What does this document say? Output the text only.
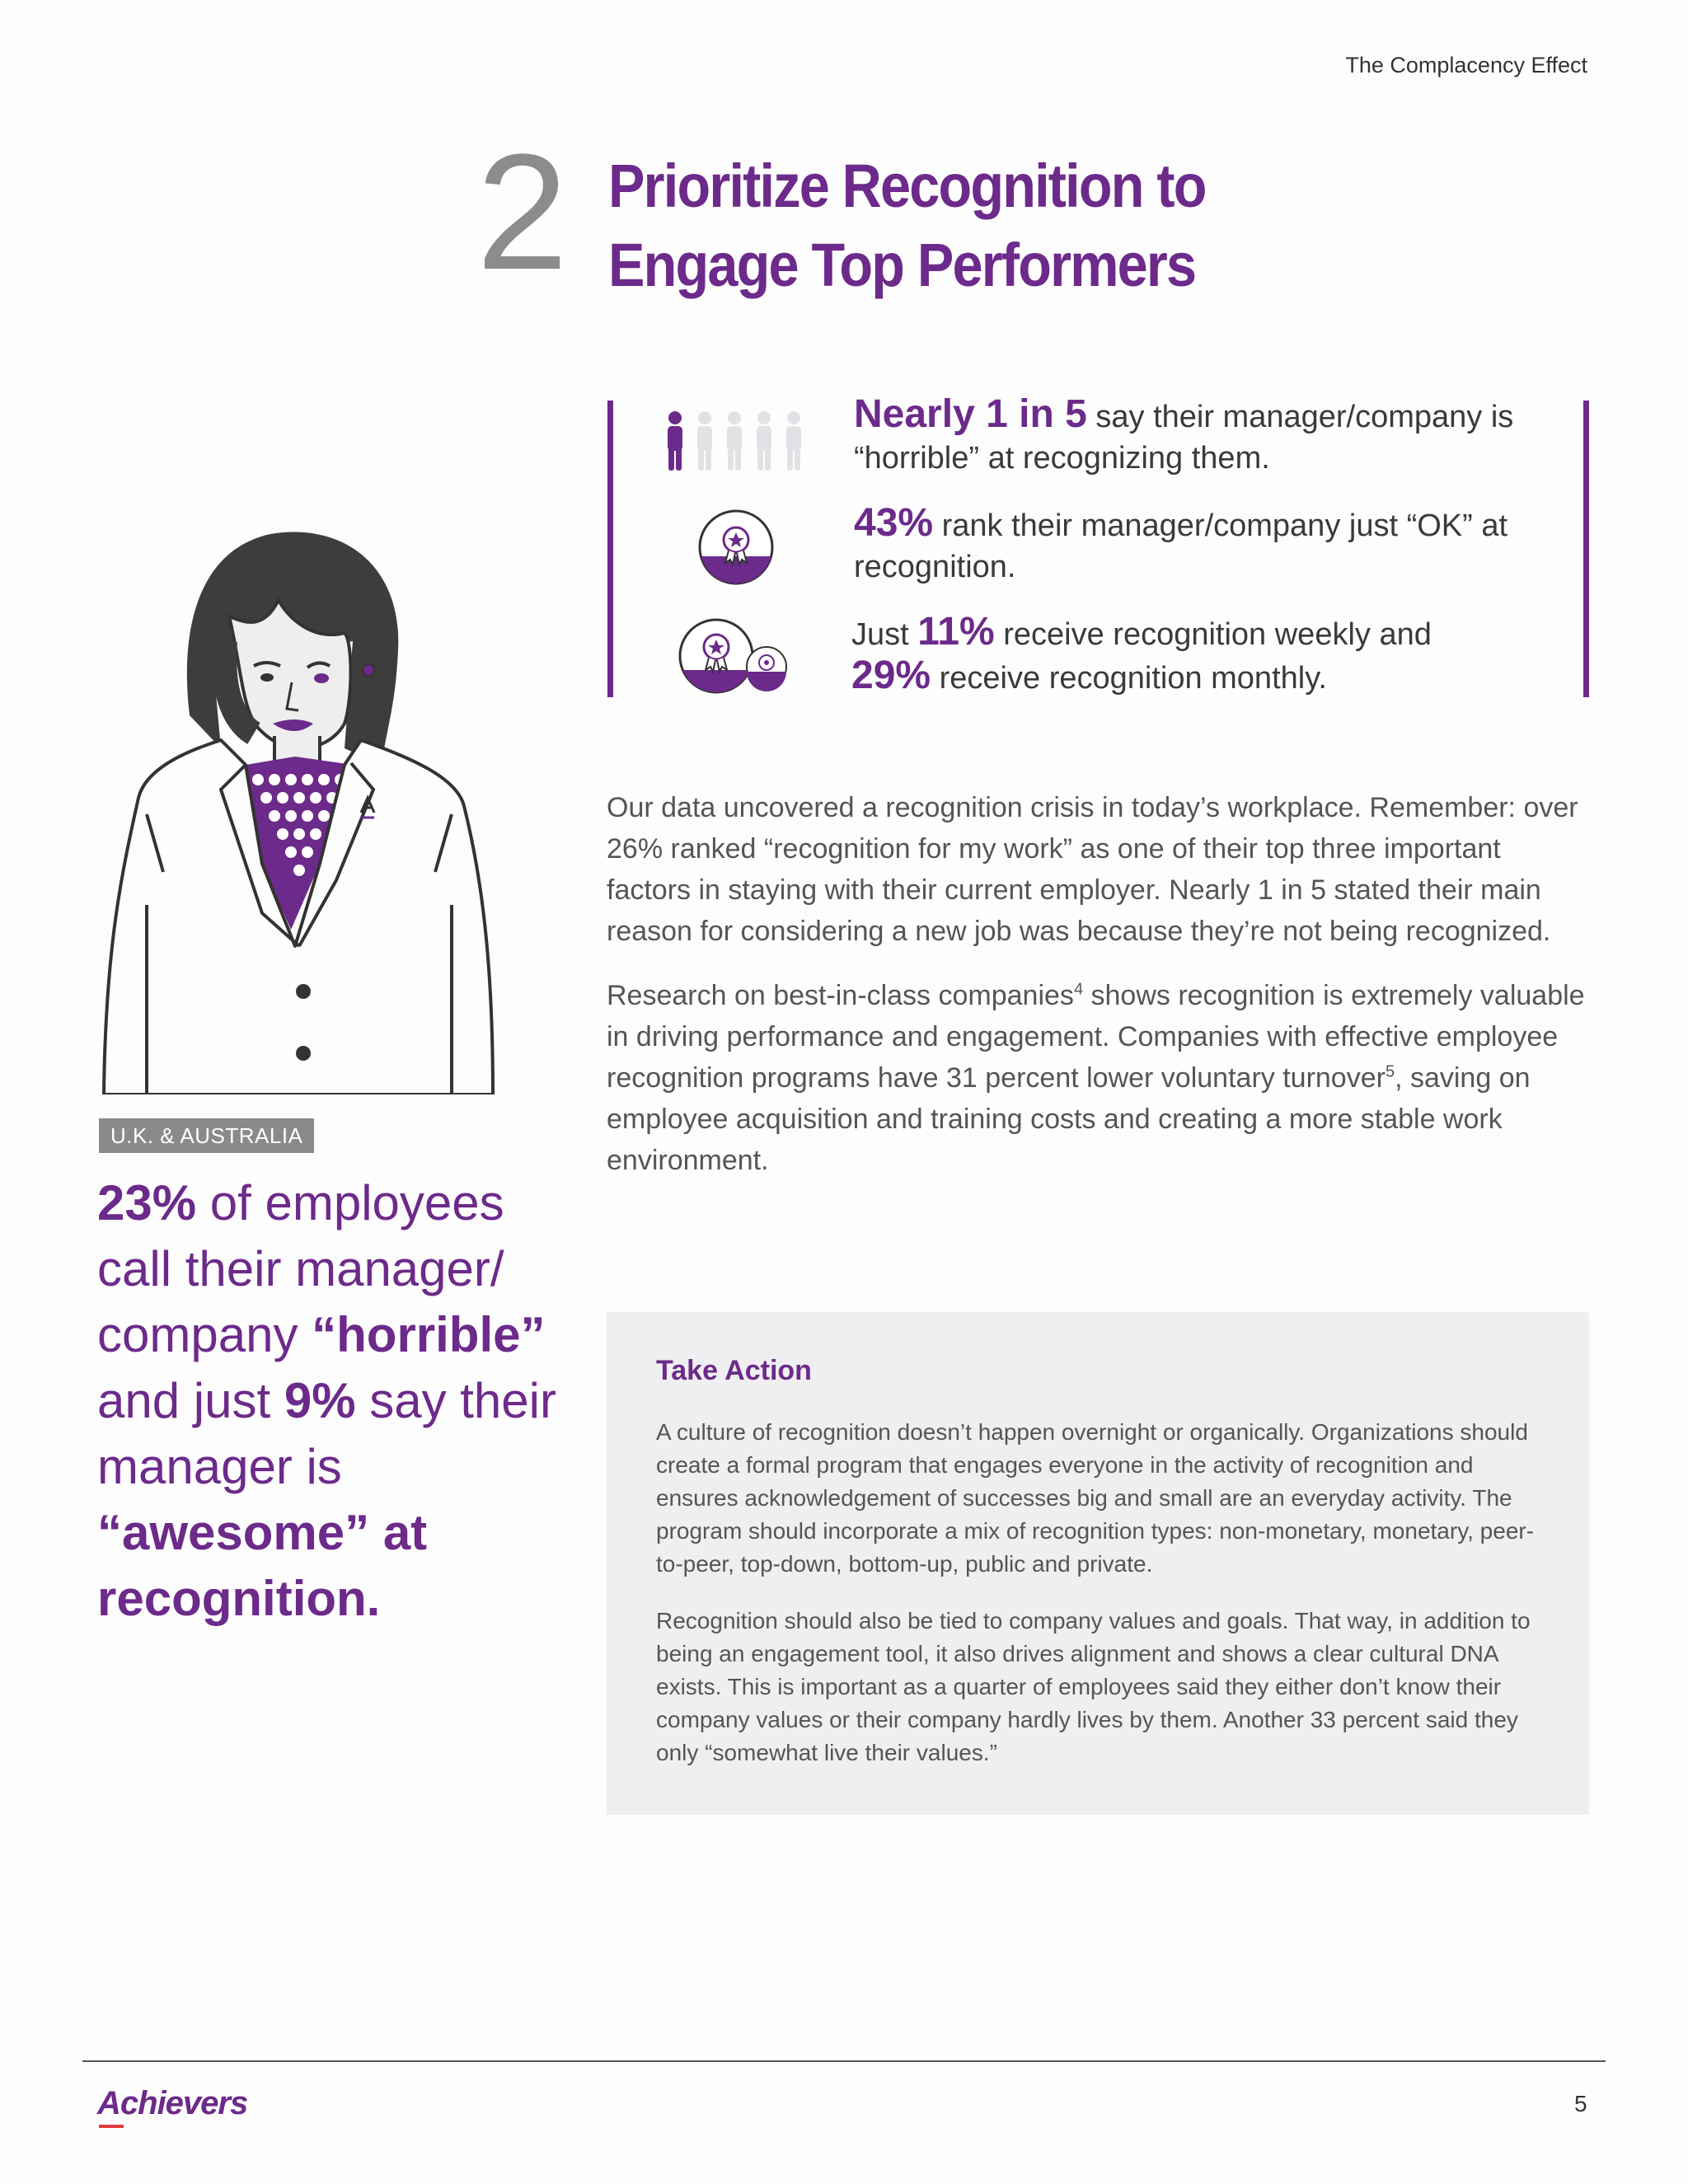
The Complacency Effect
2 Prioritize Recognition to
Engage Top Performers
Nearly 1 in 5 say their manager/company is “horrible” at recognizing them.
43% rank their manager/company just “OK” at recognition.
Just 11% receive recognition weekly and
29% receive recognition monthly.

Our data uncovered a recognition crisis in today’s workplace. Remember: over 26% ranked “recognition for my work” as one of their top three important factors in staying with their current employer. Nearly 1 in 5 stated their main reason for considering a new job was because they’re not being recognized.

Research on best-in-class companies$^4$ shows recognition is extremely valuable in driving performance and engagement. Companies with effective employee recognition programs have 31 percent lower voluntary turnover$^5$, saving on employee acquisition and training costs and creating a more stable work environment.

U.K. & AUSTRALIA
23% of employees call their manager/ company “horrible” and just 9% say their manager is “awesome” at recognition.
Take Action

A culture of recognition doesn’t happen overnight or organically. Organizations should create a formal program that engages everyone in the activity of recognition and ensures acknowledgement of successes big and small are an everyday activity. The program should incorporate a mix of recognition types: non-monetary, monetary, peer-to-peer, top-down, bottom-up, public and private.

Recognition should also be tied to company values and goals. That way, in addition to being an engagement tool, it also drives alignment and shows a clear cultural DNA exists. This is important as a quarter of employees said they either don’t know their company values or their company hardly lives by them. Another 33 percent said they only “somewhat live their values.”

Achievers	5
